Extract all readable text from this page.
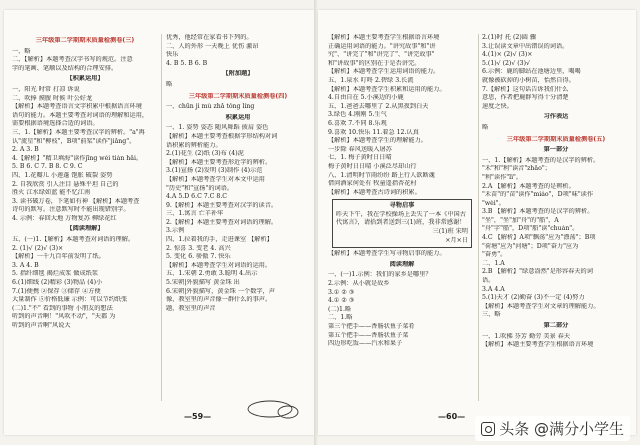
三年级第二学期期末质量检测卷(三)
一、略
二、【解析】本题考查汉字书写的规范。注意
字的笔画、笔顺以及结构的合理安排。
【积累运用】
一、阳光 时常 打凉 诉说
二、吹捧 摸腹 时候 叶公好龙
【解析】本题考查语言文字积累中根据语言环境
语句的能力。本题主要考查对词语的理解和运用，
需要根据语境选择合适的词语。
三、1.【解析】本题主要考查汉字的辨析。"a"再
认"流星"和"柳枝"，B项"前桨"读作"jiǎng"。
2. A 3. B
4.【解析】"精卫填海"读作jīng wèi tián hǎi。
5. B 6. C 7. B 8. C 9. C
四、1.花瓣儿 小莲蓬 饱胀 破裂 姿势
2. 自我欣赏 引人注目 悬殊平坦 自己的
胜火 江水绿如蓝 能不忆江南
3. 读书破万卷，下笔如有神 【解析】本题考查
诗句的默写。注意默写时不能出现错别字。
4. 示例：春回大地 万物复苏 柳绿花红
【阅读理解】
五、(一)1.【解析】本题考查对词语的理解。
2. (1)√ (2)√ (3)×
【解析】一千九百年前发明了纸。
3. A 4. B
5. 指纤细毯 揭烂成浆 做成纸浆
6.(1)细线 (2)精彩 (3)物品 (4)小
7.(1)便携 ②保存 ③储存 ④方便
大量制作 ⑤价格低廉 示例：可以节约纸张
(二)1."不" 看到的事物 小朋友的想法
听到的声音啊！"风吹不动"，"天都 为
听到的声音啊"风说大
优秀，他经常在家看书下列的。
二、人的外形 一天晚上 优伤 激昂
快乐
4. B 5. B 6. B
【附加题】
略
三年级第二学期期末质量检测卷(四)
一、chūn jì mù zhǎ tǒng líng
积累运用
一、1. 姿势 姿态 随风舞蹈 披肩 姿色
【解析】本题主要考查根据字形结构对词
语积累的辨析能力。
2.(1)花生 (2)纸 (3)布 (4)泥
【解析】本题主要考查形近字的辨析。
3.(1)宣扬 (2)发明 (3)制作 (4)示范
【解析】本题考查学生对本文中运用
"历史"和"宣扬"的词语。
4.A 5.D 6.C 7.C 8.C
9.【解析】本题主要考查对汉字的读音。
三、1.寓言 亡羊补牢
2.【解析】本题主要考查对词语的理解。
3.示例
四、1.拉着我的手，走进课室 【解析】
2. 惊喜 3. 变老 4. 高兴
5. 变化 6. 骄傲 7. 快乐
【解析】本题考查学生对词语的运用。
五、1.宋朝 2.勇敢 3.聪明 4.出示
5.宋朝|外貌描写 黄金珠 出
6.宋朝|外貌描写，黄金珠 一个数字，声
像，教室里的声音像一群什么的事声。
题，教室里的声音
—59—
【解析】本题主要考查学生根据语言环境
正确运用词语的能力。"讲究故事"和"讲
究"、"讲完了"和"讲完了"、"讲完故事"
和"讲故事"的区别在于是否讲完。
【解析】本题考查学生运用词语的能力。
五、1.泉水 叮咚 2.碧绿 3.长流
【解析】本题考查学生积累和运用的能力。
4.自由自在 5.小溪边的小鹿
五、1.爸爸去哪里了 2.从黑夜到白天
3.绿色 4.刚刚 5.生气
6.喜欢 7.不同 8.乐观
9.喜欢 10.快乐 11.着急 12.认真
【解析】本题考查学生的理解能力。
一步除 春风送暖入屠苏
七、1. 梅子黄时日日晴
梅子黄时日日晴 小溪泛尽却山行
八、1.清明时节雨纷纷 路上行人欲断魂
借问酒家何处有 牧童遥指杏花村
【解析】本题考查古诗词的积累。
寻物启事
昨天下午，我在学校操场上丢失了一本《中国古代寓言》，请拾到者送到三(1)班，我非常感谢！
三(1)班 宋明
×月×日
【解析】本题考查学生写寻物启事的能力。
阅读理解
一、(一)1.示例：我们的家乡是哪里？
2.示例：从小就是故乡
3.① ② ③
4.① ② ③
(二)1.略
二、1.略
第三个把手——香肠状鱼子菜肴
第五个把手——香肠状鱼子菜
四边形吃饭——汽水和果子
2.(1)时 托 (2)圆 骤
3.让误读文章中出错误的词语。
4.(1)× (2)√ (3)×
5.(1)√ (2)√ (3)√
6.示例：鹿的脚站在池塘边里，喝喝
就像被砍掉的小树苗，怡然自得。
7.【解析】这句话告诉我们什么
意思，作者把鹿群写得十分清楚
速度之快。
习作表达
略
三年级第二学期期末质量检测卷(五)
第一部分
一、1.【解析】本题考查的是汉字的辨析。
"禾"和"利"读音"zhǎo"；
"利"读作"lì"。
2.A 【解析】本题考查的是辨析。
"禾苗"的"苗"读作"miáo"，D项"味"读作
"wèi"。
3.B 【解析】本题考查的是汉字的辨析。
"坐"，"坐"加"舟"的"船"，A
"舟"字"船"，D项"船"读"chuán"。
4.C 【解析】A项"飘荡"应为"漂荡"；B项
"荷塘"应为"河塘"；D项"奋力"应为
"奋勇"。
二、1.A
2.B 【解析】"绿意盎然"是形容春天的词
语。
3.A 4.A
5.(1)天才 (2)勤奋 (3)不一定 (4)努力
【解析】本题考查学生对文章的理解能力。
三、略
第二部分
一、1.吹拂 芬芳 勤劳 美景 春天
【解析】本题主要考查学生根据语言环境
—60—
头条 @满分小学生
